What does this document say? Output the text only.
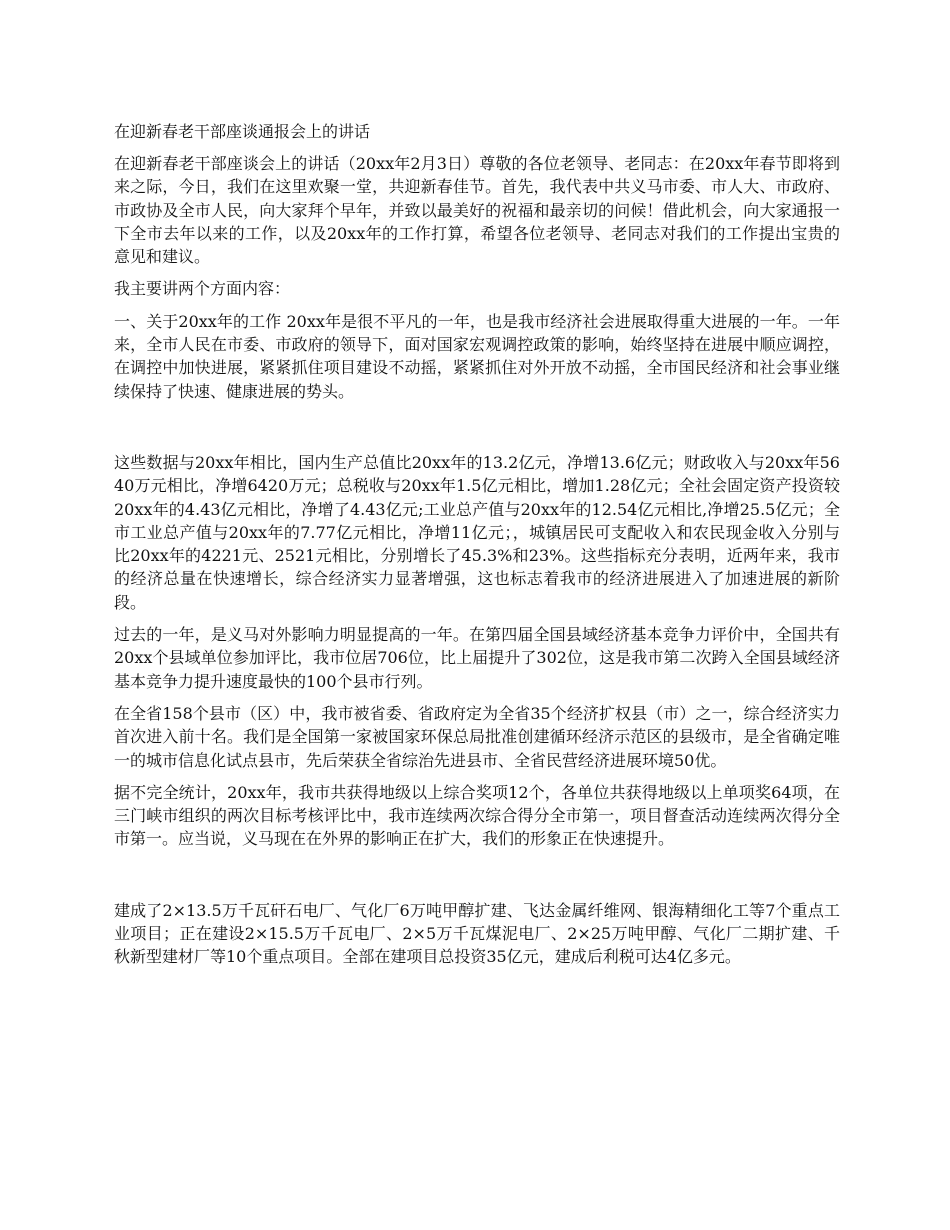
在迎新春老干部座谈通报会上的讲话
在迎新春老干部座谈会上的讲话（20xx年2月3日）尊敬的各位老领导、老同志：在20xx年春节即将到来之际，今日，我们在这里欢聚一堂，共迎新春佳节。首先，我代表中共义马市委、市人大、市政府、市政协及全市人民，向大家拜个早年，并致以最美好的祝福和最亲切的问候！借此机会，向大家通报一下全市去年以来的工作，以及20xx年的工作打算，希望各位老领导、老同志对我们的工作提出宝贵的意见和建议。
我主要讲两个方面内容：
一、关于20xx年的工作 20xx年是很不平凡的一年，也是我市经济社会进展取得重大进展的一年。一年来，全市人民在市委、市政府的领导下，面对国家宏观调控政策的影响，始终坚持在进展中顺应调控，在调控中加快进展，紧紧抓住项目建设不动摇，紧紧抓住对外开放不动摇，全市国民经济和社会事业继续保持了快速、健康进展的势头。
这些数据与20xx年相比，国内生产总值比20xx年的13.2亿元，净增13.6亿元；财政收入与20xx年5640万元相比，净增6420万元；总税收与20xx年1.5亿元相比，增加1.28亿元；全社会固定资产投资较20xx年的4.43亿元相比，净增了4.43亿元;工业总产值与20xx年的12.54亿元相比,净增25.5亿元；全市工业总产值与20xx年的7.77亿元相比，净增11亿元；，城镇居民可支配收入和农民现金收入分别与比20xx年的4221元、2521元相比，分别增长了45.3%和23%。这些指标充分表明，近两年来，我市的经济总量在快速增长，综合经济实力显著增强，这也标志着我市的经济进展进入了加速进展的新阶段。
过去的一年，是义马对外影响力明显提高的一年。在第四届全国县域经济基本竞争力评价中，全国共有20xx个县域单位参加评比，我市位居706位，比上届提升了302位，这是我市第二次跨入全国县域经济基本竞争力提升速度最快的100个县市行列。
在全省158个县市（区）中，我市被省委、省政府定为全省35个经济扩权县（市）之一，综合经济实力首次进入前十名。我们是全国第一家被国家环保总局批准创建循环经济示范区的县级市，是全省确定唯一的城市信息化试点县市，先后荣获全省综治先进县市、全省民营经济进展环境50优。
据不完全统计，20xx年，我市共获得地级以上综合奖项12个，各单位共获得地级以上单项奖64项，在三门峡市组织的两次目标考核评比中，我市连续两次综合得分全市第一，项目督查活动连续两次得分全市第一。应当说，义马现在在外界的影响正在扩大，我们的形象正在快速提升。
建成了2×13.5万千瓦矸石电厂、气化厂6万吨甲醇扩建、飞达金属纤维网、银海精细化工等7个重点工业项目；正在建设2×15.5万千瓦电厂、2×5万千瓦煤泥电厂、2×25万吨甲醇、气化厂二期扩建、千秋新型建材厂等10个重点项目。全部在建项目总投资35亿元，建成后利税可达4亿多元。
